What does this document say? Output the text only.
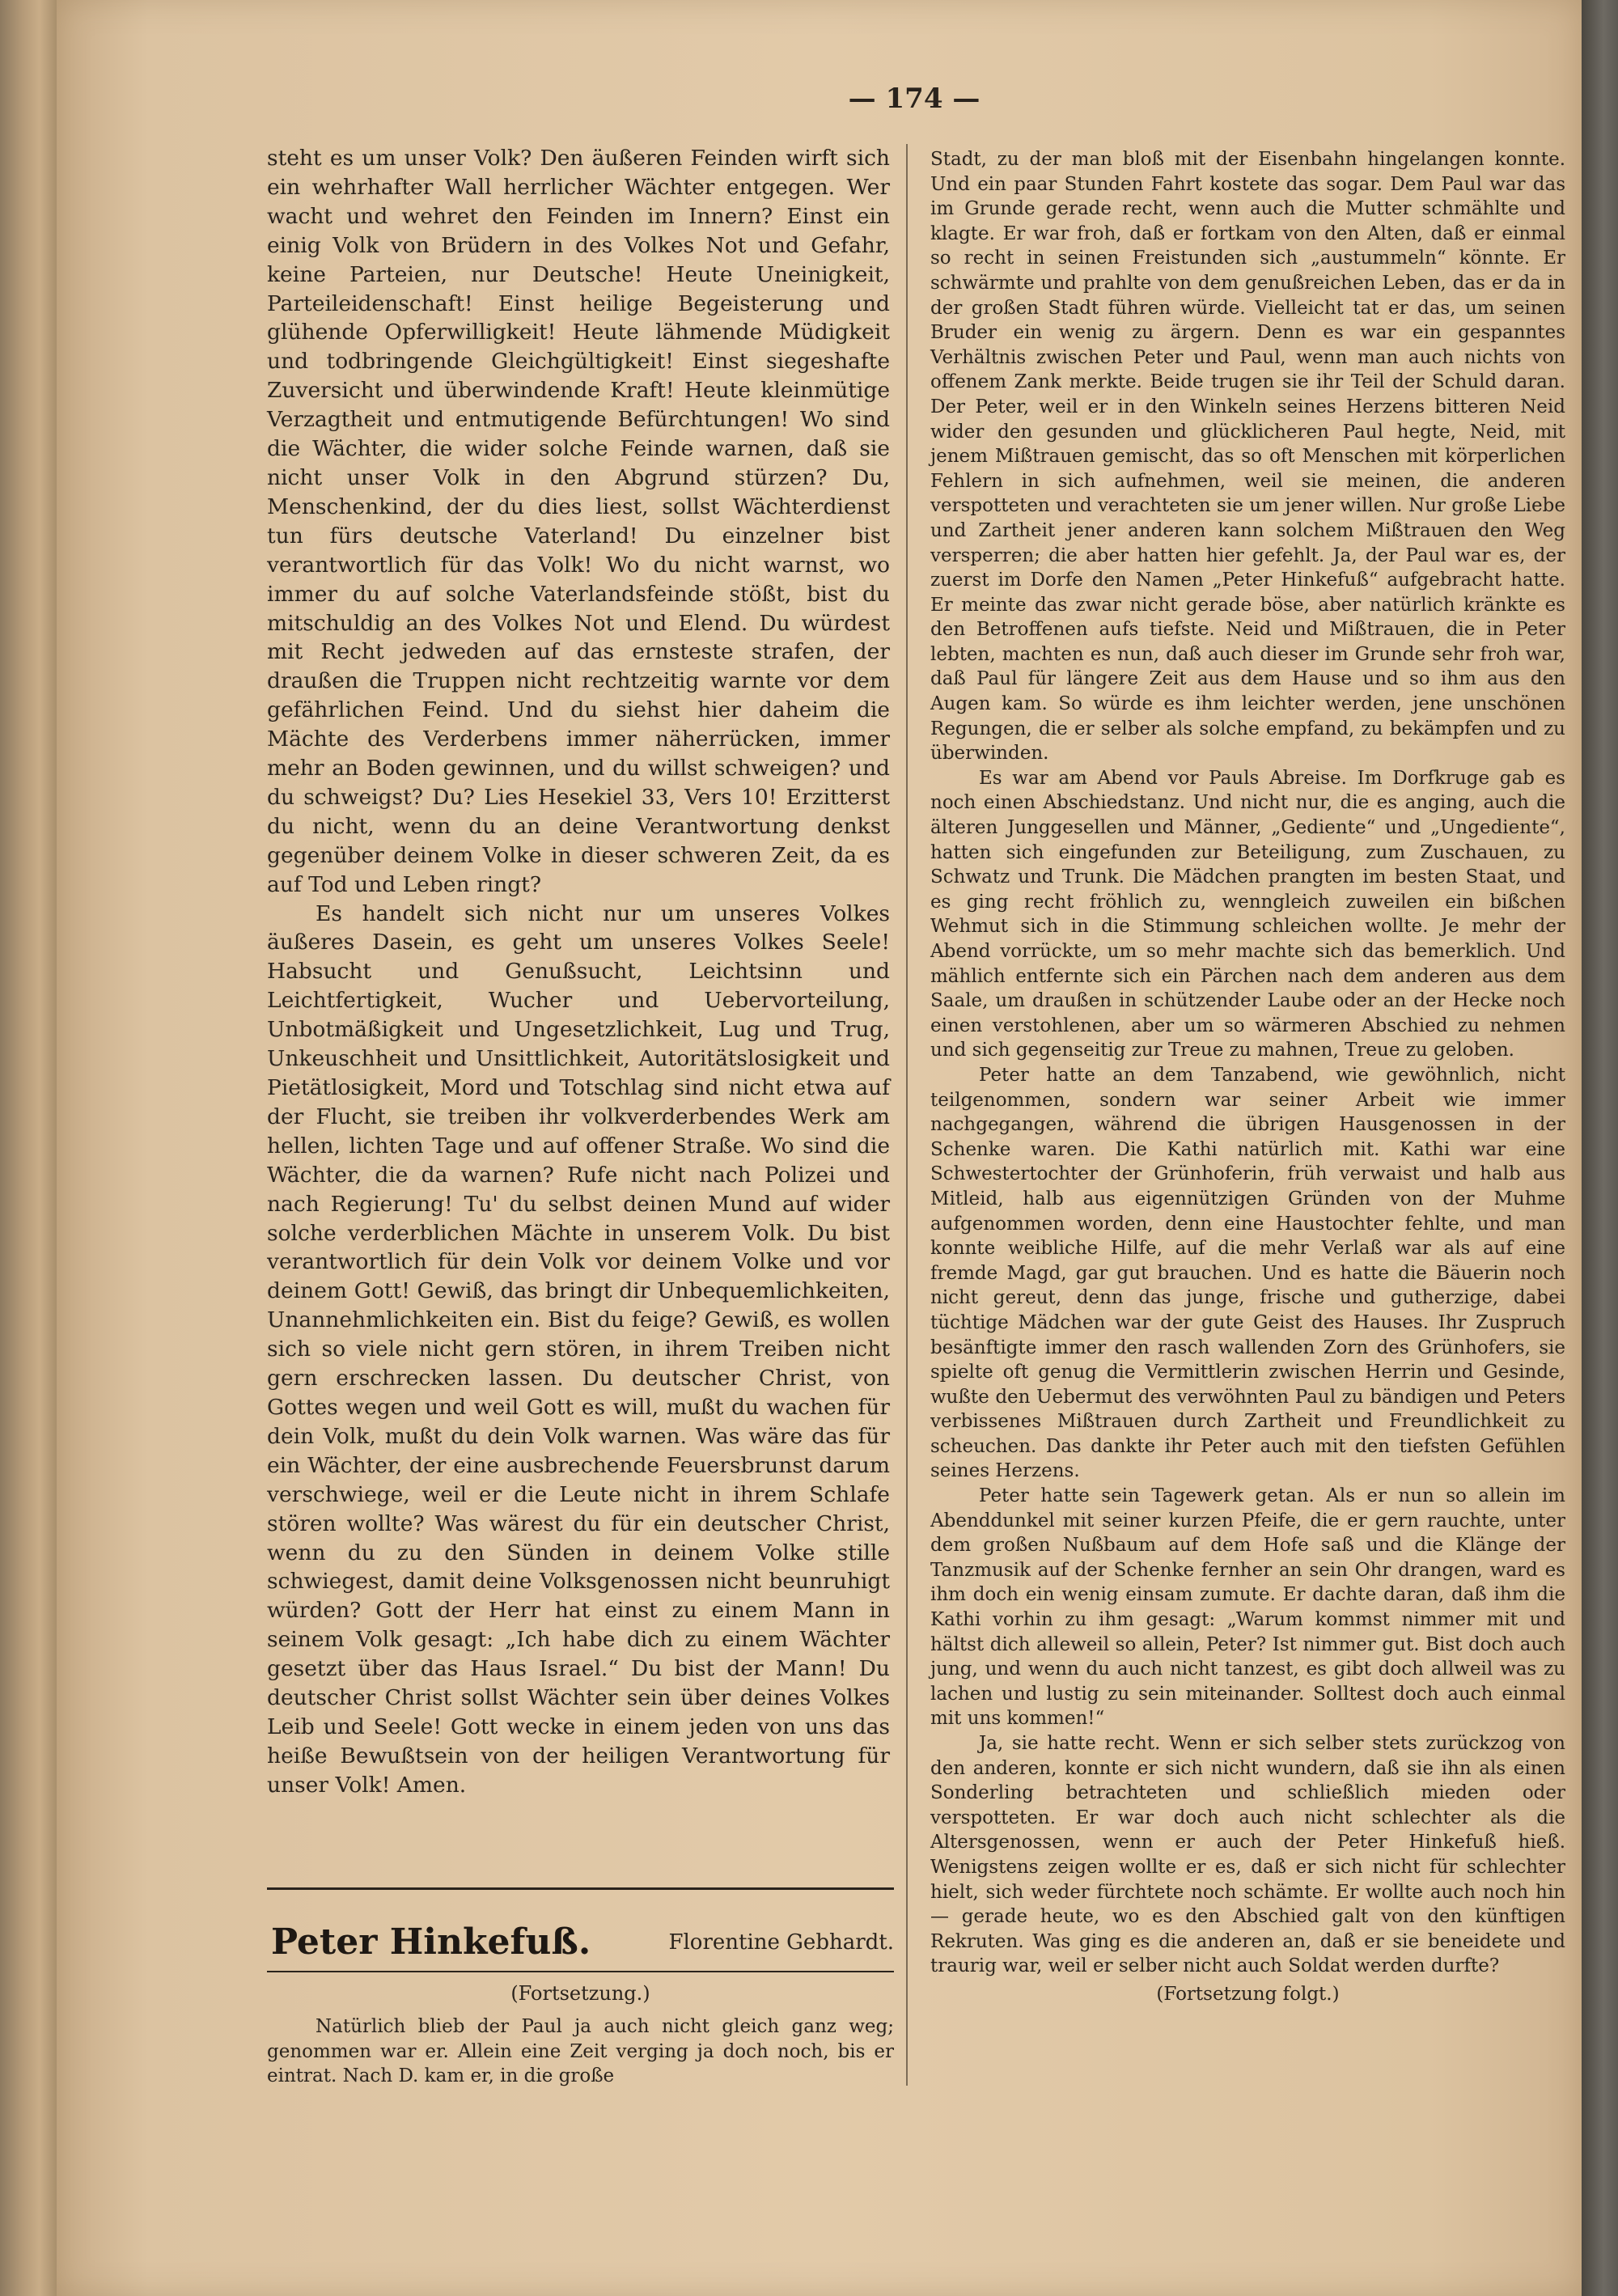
— 174 —

steht es um unser Volk? Den äußeren Feinden wirft sich ein wehrhafter Wall herrlicher Wächter entgegen. Wer wacht und wehret den Feinden im Innern? Einst ein einig Volk von Brüdern in des Volkes Not und Gefahr, keine Parteien, nur Deutsche! Heute Uneinigkeit, Parteileidenschaft! Einst heilige Begeisterung und glühende Opferwilligkeit! Heute lähmende Müdigkeit und todbringende Gleichgültigkeit! Einst siegeshafte Zuversicht und überwindende Kraft! Heute kleinmütige Verzagtheit und entmutigende Befürchtungen! Wo sind die Wächter, die wider solche Feinde warnen, daß sie nicht unser Volk in den Abgrund stürzen? Du, Menschenkind, der du dies liest, sollst Wächterdienst tun fürs deutsche Vaterland! Du einzelner bist verantwortlich für das Volk! Wo du nicht warnst, wo immer du auf solche Vaterlandsfeinde stößt, bist du mitschuldig an des Volkes Not und Elend. Du würdest mit Recht jedweden auf das ernsteste strafen, der draußen die Truppen nicht rechtzeitig warnte vor dem gefährlichen Feind. Und du siehst hier daheim die Mächte des Verderbens immer näherrücken, immer mehr an Boden gewinnen, und du willst schweigen? und du schweigst? Du? Lies Hesekiel 33, Vers 10! Erzitterst du nicht, wenn du an deine Verantwortung denkst gegenüber deinem Volke in dieser schweren Zeit, da es auf Tod und Leben ringt?

Es handelt sich nicht nur um unseres Volkes äußeres Dasein, es geht um unseres Volkes Seele! Habsucht und Genußsucht, Leichtsinn und Leichtfertigkeit, Wucher und Uebervorteilung, Unbotmäßigkeit und Ungesetzlichkeit, Lug und Trug, Unkeuschheit und Unsittlichkeit, Autoritätslosigkeit und Pietätlosigkeit, Mord und Totschlag sind nicht etwa auf der Flucht, sie treiben ihr volkverderbendes Werk am hellen, lichten Tage und auf offener Straße. Wo sind die Wächter, die da warnen? Rufe nicht nach Polizei und nach Regierung! Tu' du selbst deinen Mund auf wider solche verderblichen Mächte in unserem Volk. Du bist verantwortlich für dein Volk vor deinem Volke und vor deinem Gott! Gewiß, das bringt dir Unbequemlichkeiten, Unannehmlichkeiten ein. Bist du feige? Gewiß, es wollen sich so viele nicht gern stören, in ihrem Treiben nicht gern erschrecken lassen. Du deutscher Christ, von Gottes wegen und weil Gott es will, mußt du wachen für dein Volk, mußt du dein Volk warnen. Was wäre das für ein Wächter, der eine ausbrechende Feuersbrunst darum verschwiege, weil er die Leute nicht in ihrem Schlafe stören wollte? Was wärest du für ein deutscher Christ, wenn du zu den Sünden in deinem Volke stille schwiegest, damit deine Volksgenossen nicht beunruhigt würden? Gott der Herr hat einst zu einem Mann in seinem Volk gesagt: „Ich habe dich zu einem Wächter gesetzt über das Haus Israel.“ Du bist der Mann! Du deutscher Christ sollst Wächter sein über deines Volkes Leib und Seele! Gott wecke in einem jeden von uns das heiße Bewußtsein von der heiligen Verantwortung für unser Volk! Amen.

Peter Hinkefuß.	Florentine Gebhardt.
(Fortsetzung.)

Natürlich blieb der Paul ja auch nicht gleich ganz weg; genommen war er. Allein eine Zeit verging ja doch noch, bis er eintrat. Nach D. kam er, in die große

Stadt, zu der man bloß mit der Eisenbahn hingelangen konnte. Und ein paar Stunden Fahrt kostete das sogar. Dem Paul war das im Grunde gerade recht, wenn auch die Mutter schmählte und klagte. Er war froh, daß er fortkam von den Alten, daß er einmal so recht in seinen Freistunden sich „austummeln“ könnte. Er schwärmte und prahlte von dem genußreichen Leben, das er da in der großen Stadt führen würde. Vielleicht tat er das, um seinen Bruder ein wenig zu ärgern. Denn es war ein gespanntes Verhältnis zwischen Peter und Paul, wenn man auch nichts von offenem Zank merkte. Beide trugen sie ihr Teil der Schuld daran. Der Peter, weil er in den Winkeln seines Herzens bitteren Neid wider den gesunden und glücklicheren Paul hegte, Neid, mit jenem Mißtrauen gemischt, das so oft Menschen mit körperlichen Fehlern in sich aufnehmen, weil sie meinen, die anderen verspotteten und verachteten sie um jener willen. Nur große Liebe und Zartheit jener anderen kann solchem Mißtrauen den Weg versperren; die aber hatten hier gefehlt. Ja, der Paul war es, der zuerst im Dorfe den Namen „Peter Hinkefuß“ aufgebracht hatte. Er meinte das zwar nicht gerade böse, aber natürlich kränkte es den Betroffenen aufs tiefste. Neid und Mißtrauen, die in Peter lebten, machten es nun, daß auch dieser im Grunde sehr froh war, daß Paul für längere Zeit aus dem Hause und so ihm aus den Augen kam. So würde es ihm leichter werden, jene unschönen Regungen, die er selber als solche empfand, zu bekämpfen und zu überwinden.

Es war am Abend vor Pauls Abreise. Im Dorfkruge gab es noch einen Abschiedstanz. Und nicht nur, die es anging, auch die älteren Junggesellen und Männer, „Gediente“ und „Ungediente“, hatten sich eingefunden zur Beteiligung, zum Zuschauen, zu Schwatz und Trunk. Die Mädchen prangten im besten Staat, und es ging recht fröhlich zu, wenngleich zuweilen ein bißchen Wehmut sich in die Stimmung schleichen wollte. Je mehr der Abend vorrückte, um so mehr machte sich das bemerklich. Und mählich entfernte sich ein Pärchen nach dem anderen aus dem Saale, um draußen in schützender Laube oder an der Hecke noch einen verstohlenen, aber um so wärmeren Abschied zu nehmen und sich gegenseitig zur Treue zu mahnen, Treue zu geloben.

Peter hatte an dem Tanzabend, wie gewöhnlich, nicht teilgenommen, sondern war seiner Arbeit wie immer nachgegangen, während die übrigen Hausgenossen in der Schenke waren. Die Kathi natürlich mit. Kathi war eine Schwestertochter der Grünhoferin, früh verwaist und halb aus Mitleid, halb aus eigennützigen Gründen von der Muhme aufgenommen worden, denn eine Haustochter fehlte, und man konnte weibliche Hilfe, auf die mehr Verlaß war als auf eine fremde Magd, gar gut brauchen. Und es hatte die Bäuerin noch nicht gereut, denn das junge, frische und gutherzige, dabei tüchtige Mädchen war der gute Geist des Hauses. Ihr Zuspruch besänftigte immer den rasch wallenden Zorn des Grünhofers, sie spielte oft genug die Vermittlerin zwischen Herrin und Gesinde, wußte den Uebermut des verwöhnten Paul zu bändigen und Peters verbissenes Mißtrauen durch Zartheit und Freundlichkeit zu scheuchen. Das dankte ihr Peter auch mit den tiefsten Gefühlen seines Herzens.

Peter hatte sein Tagewerk getan. Als er nun so allein im Abenddunkel mit seiner kurzen Pfeife, die er gern rauchte, unter dem großen Nußbaum auf dem Hofe saß und die Klänge der Tanzmusik auf der Schenke fernher an sein Ohr drangen, ward es ihm doch ein wenig einsam zumute. Er dachte daran, daß ihm die Kathi vorhin zu ihm gesagt: „Warum kommst nimmer mit und hältst dich alleweil so allein, Peter? Ist nimmer gut. Bist doch auch jung, und wenn du auch nicht tanzest, es gibt doch allweil was zu lachen und lustig zu sein miteinander. Solltest doch auch einmal mit uns kommen!“

Ja, sie hatte recht. Wenn er sich selber stets zurückzog von den anderen, konnte er sich nicht wundern, daß sie ihn als einen Sonderling betrachteten und schließlich mieden oder verspotteten. Er war doch auch nicht schlechter als die Altersgenossen, wenn er auch der Peter Hinkefuß hieß. Wenigstens zeigen wollte er es, daß er sich nicht für schlechter hielt, sich weder fürchtete noch schämte. Er wollte auch noch hin — gerade heute, wo es den Abschied galt von den künftigen Rekruten. Was ging es die anderen an, daß er sie beneidete und traurig war, weil er selber nicht auch Soldat werden durfte?

(Fortsetzung folgt.)
